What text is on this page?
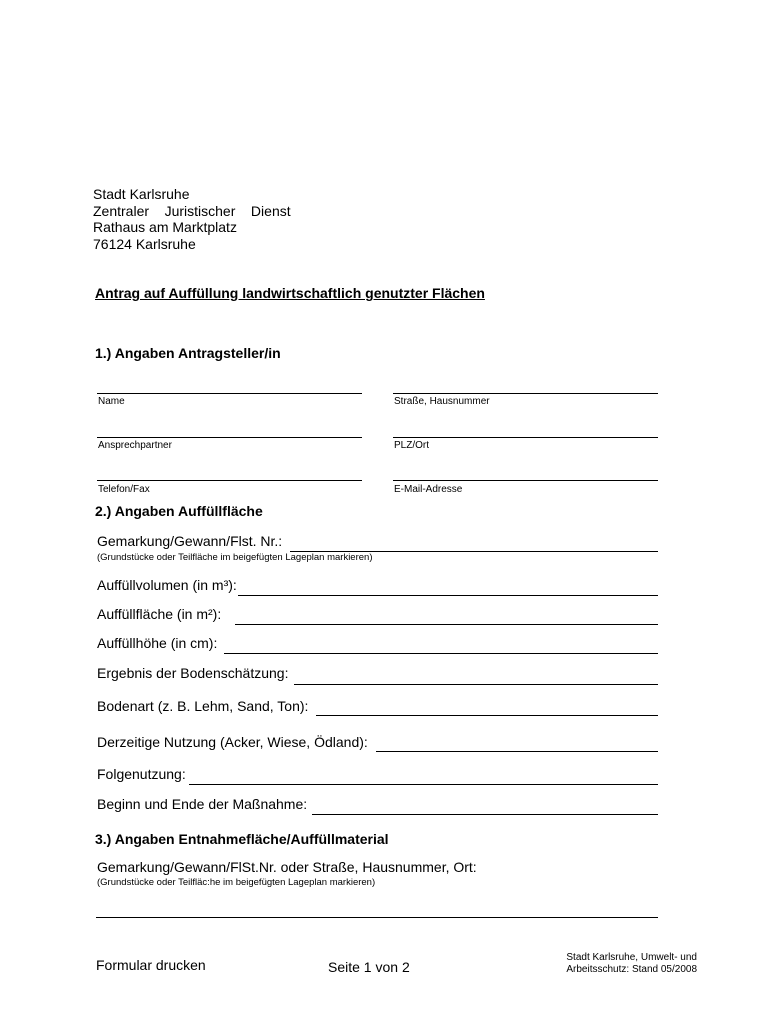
Stadt Karlsruhe
Zentraler    Juristischer    Dienst
Rathaus am Marktplatz
76124 Karlsruhe
Antrag auf Auffüllung landwirtschaftlich genutzter Flächen
1.) Angaben Antragsteller/in
Name	Straße, Hausnummer
Ansprechpartner	PLZ/Ort
Telefon/Fax	E-Mail-Adresse
2.) Angaben Auffüllfläche
Gemarkung/Gewann/Flst. Nr.:
(Grundstücke oder Teilfläche im beigefügten Lageplan markieren)
Auffüllvolumen (in m³):
Auffüllfläche (in m²):
Auffüllhöhe (in cm):
Ergebnis der Bodenschätzung:
Bodenart (z. B. Lehm, Sand, Ton):
Derzeitige Nutzung (Acker, Wiese, Ödland):
Folgenutzung:
Beginn und Ende der Maßnahme:
3.) Angaben Entnahmefläche/Auffüllmaterial
Gemarkung/Gewann/FlSt.Nr. oder Straße, Hausnummer, Ort:
(Grundstücke oder Teilfläc:he im beigefügten Lageplan markieren)
Formular drucken	Seite 1 von 2
Stadt Karlsruhe, Umwelt- und
Arbeitsschutz: Stand 05/2008
